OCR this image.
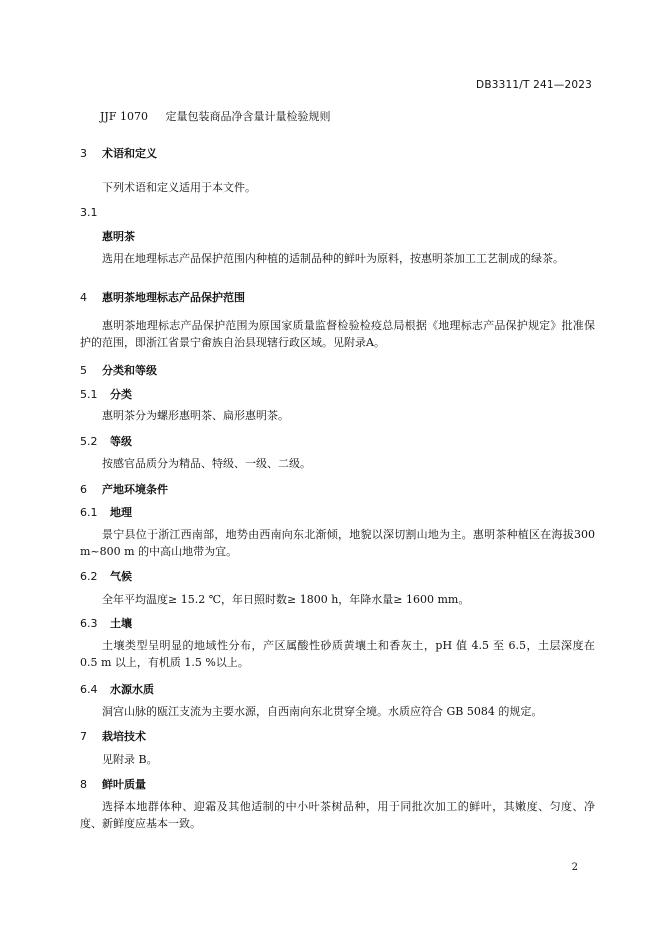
DB3311/T 241—2023
JJF 1070 定量包装商品净含量计量检验规则
3 术语和定义
下列术语和定义适用于本文件。
3.1
惠明茶
选用在地理标志产品保护范围内种植的适制品种的鲜叶为原料，按惠明茶加工工艺制成的绿茶。
4 惠明茶地理标志产品保护范围
惠明茶地理标志产品保护范围为原国家质量监督检验检疫总局根据《地理标志产品保护规定》批准保护的范围，即浙江省景宁畲族自治县现辖行政区域。见附录A。
5 分类和等级
5.1 分类
惠明茶分为螺形惠明茶、扁形惠明茶。
5.2 等级
按感官品质分为精品、特级、一级、二级。
6 产地环境条件
6.1 地理
景宁县位于浙江西南部，地势由西南向东北渐倾，地貌以深切割山地为主。惠明茶种植区在海拔300 m~800 m 的中高山地带为宜。
6.2 气候
全年平均温度≥ 15.2 ℃，年日照时数≥ 1800 h，年降水量≥ 1600 mm。
6.3 土壤
土壤类型呈明显的地域性分布，产区属酸性砂质黄壤土和香灰土，pH 值 4.5 至 6.5，土层深度在 0.5 m 以上，有机质 1.5 %以上。
6.4 水源水质
洞宫山脉的瓯江支流为主要水源，自西南向东北贯穿全境。水质应符合 GB 5084 的规定。
7 栽培技术
见附录 B。
8 鲜叶质量
选择本地群体种、迎霜及其他适制的中小叶茶树品种，用于同批次加工的鲜叶，其嫩度、匀度、净度、新鲜度应基本一致。
2
